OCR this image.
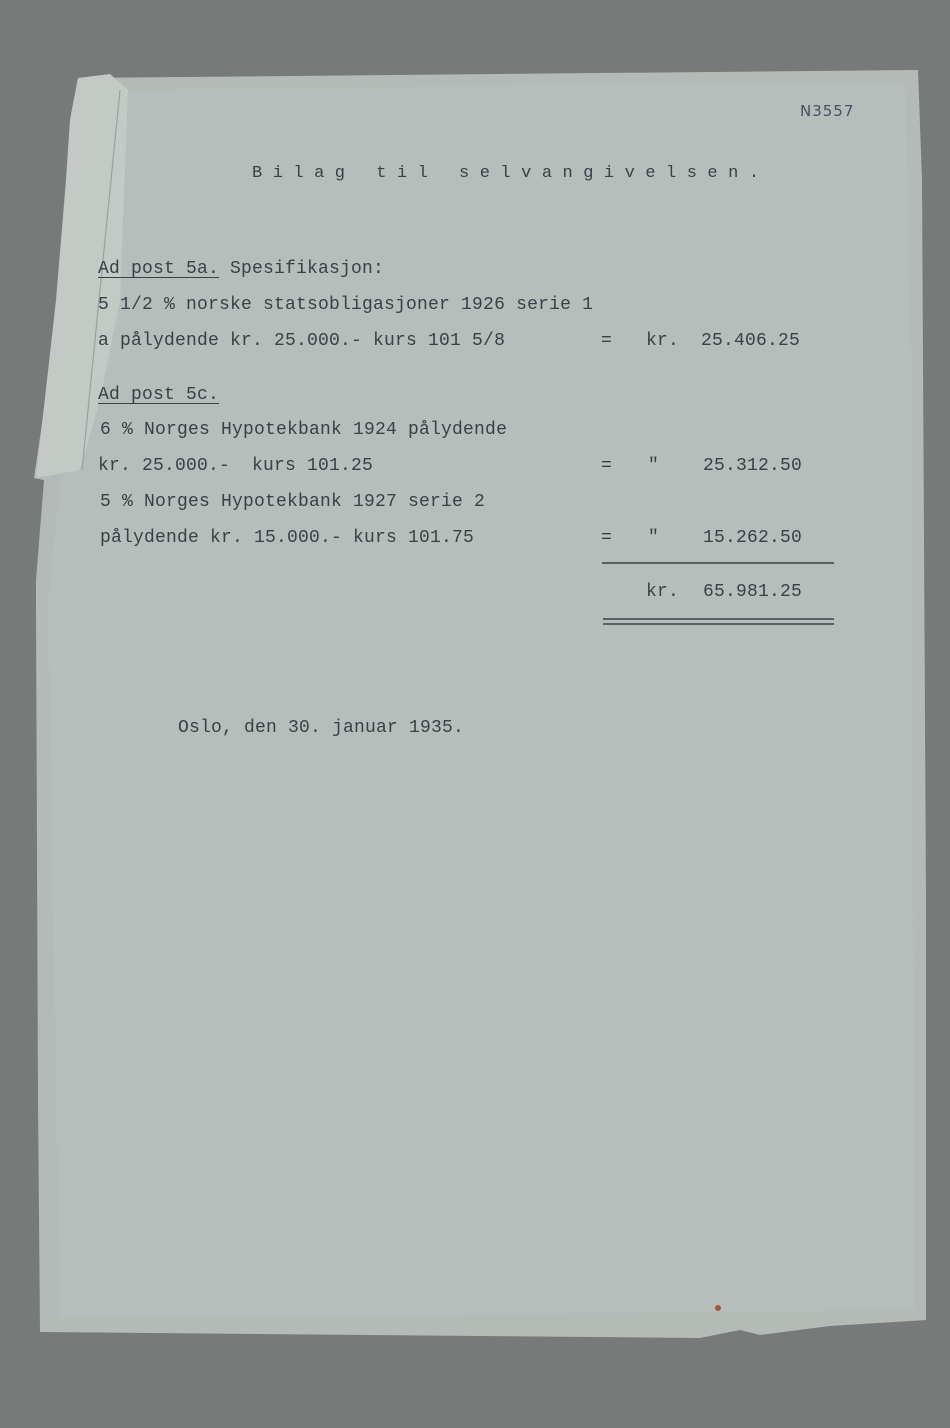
N3557
Bilag til selvangivelsen.
Ad post 5a. Spesifikasjon:
5 1/2 % norske statsobligasjoner 1926 serie 1
a pålydende kr. 25.000.- kurs 101 5/8	= kr. 25.406.25
Ad post 5c.
6 % Norges Hypotekbank 1924 pålydende
kr. 25.000.-  kurs 101.25	= " 25.312.50
5 % Norges Hypotekbank 1927 serie 2
pålydende kr. 15.000.- kurs 101.75	= " 15.262.50
kr. 65.981.25
Oslo, den 30. januar 1935.
